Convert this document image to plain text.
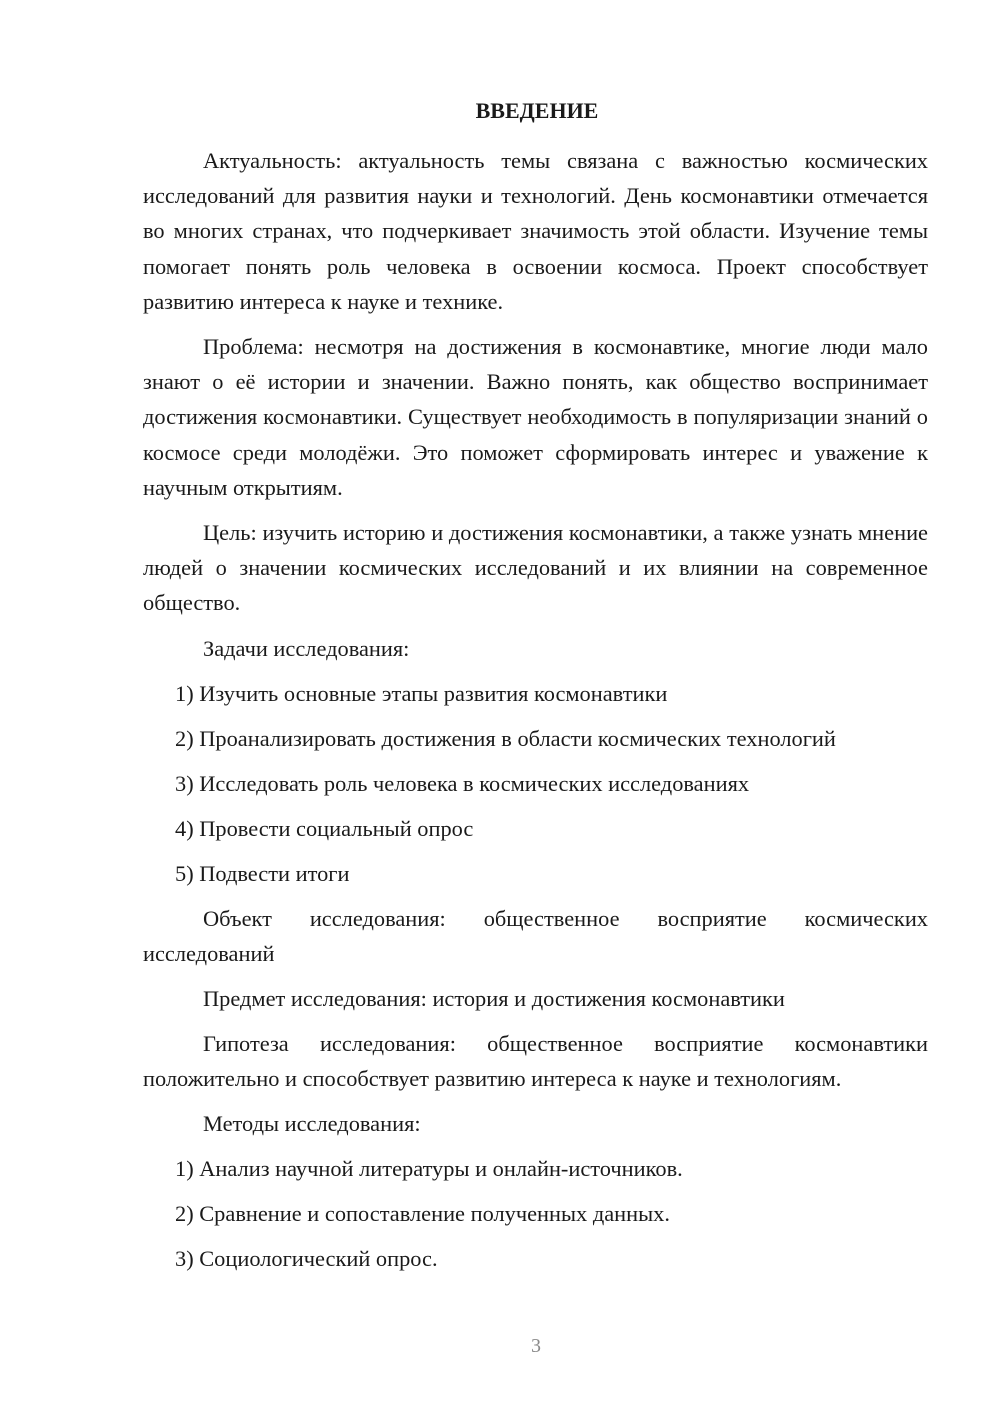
ВВЕДЕНИЕ

Актуальность: актуальность темы связана с важностью космических исследований для развития науки и технологий. День космонавтики отмечается во многих странах, что подчеркивает значимость этой области. Изучение темы помогает понять роль человека в освоении космоса. Проект способствует развитию интереса к науке и технике.

Проблема: несмотря на достижения в космонавтике, многие люди мало знают о её истории и значении. Важно понять, как общество воспринимает достижения космонавтики. Существует необходимость в популяризации знаний о космосе среди молодёжи. Это поможет сформировать интерес и уважение к научным открытиям.

Цель: изучить историю и достижения космонавтики, а также узнать мнение людей о значении космических исследований и их влиянии на современное общество.

Задачи исследования:

1) Изучить основные этапы развития космонавтики

2) Проанализировать достижения в области космических технологий

3) Исследовать роль человека в космических исследованиях

4) Провести социальный опрос

5) Подвести итоги

Объект исследования: общественное восприятие космических исследований

Предмет исследования: история и достижения космонавтики

Гипотеза исследования: общественное восприятие космонавтики положительно и способствует развитию интереса к науке и технологиям.

Методы исследования:

1) Анализ научной литературы и онлайн-источников.

2) Сравнение и сопоставление полученных данных.

3) Социологический опрос.

3
